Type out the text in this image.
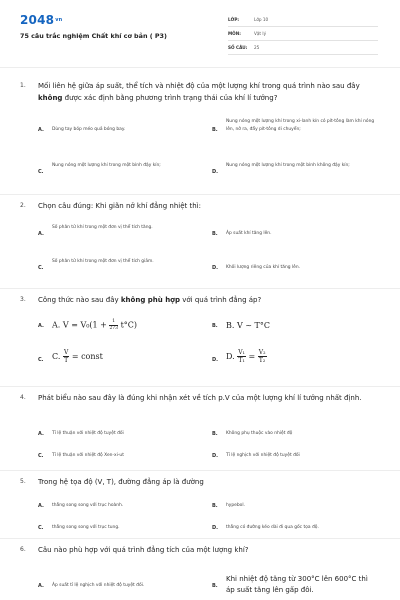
$2048^{vn}$
75 câu trắc nghiệm Chất khí cơ bản ( P3)
LỚP:	Lớp 10
MÔN:	Vật lý
SỐ CÂU:	25
1. Mối liên hệ giữa áp suất, thể tích và nhiệt độ của một lượng khí trong quá trình nào sau đây không được xác định bằng phương trình trạng thái của khí lí tưởng?
A. Dùng tay bóp méo quả bóng bay.	B.
Nung nóng một lượng khí trong xi-lanh kín có pít-tông làm khí nóng lên, nở ra, đẩy pít-tông di chuyển;
C.
Nung nóng một lượng khí trong một bình đậy kín;
D.
Nung nóng một lượng khí trong một bình không đậy kín;
2. Chọn câu đúng: Khi giãn nở khí đẳng nhiệt thì:
A.
Số phân tử khí trong một đơn vị thể tích tăng.
B. Áp suất khí tăng lên.
C.
Số phân tử khí trong một đơn vị thể tích giảm.
D. Khối lượng riêng của khí tăng lên.
3. Công thức nào sau đây không phù hợp với quá trình đẳng áp?
A. A. $V = V_0(1 + \frac{1}{273} t^\circ C)$	B. B. V ~ T°C
C. C. $\frac{V}{T}$ = const	D. D. $\frac{\text{V₁}}{\text{T₁}} = \frac{\text{V₂}}{\text{T₂}}$
4. Phát biểu nào sau đây là đúng khi nhận xét về tích p.V của một lượng khí lí tưởng nhất định.
A. Tỉ lệ thuận với nhiệt độ tuyệt đối	B. Không phụ thuộc vào nhiệt độ
C. Tỉ lệ thuận với nhiệt độ Xen-xi-ut	D. Tỉ lệ nghịch với nhiệt độ tuyệt đối
5. Trong hệ tọa độ (V, T), đường đẳng áp là đường
A. thẳng song song với trục hoành.	B. hypebol.
C. thẳng song song với trục tung.	D. thẳng có đường kéo dài đi qua gốc tọa độ.
6. Câu nào phù hợp với quá trình đẳng tích của một lượng khí?
A. Áp suất tỉ lệ nghịch với nhiệt độ tuyệt đối.	B.
Khi nhiệt độ tăng từ 300°C lên 600°C thì áp suất tăng lên gấp đôi.
